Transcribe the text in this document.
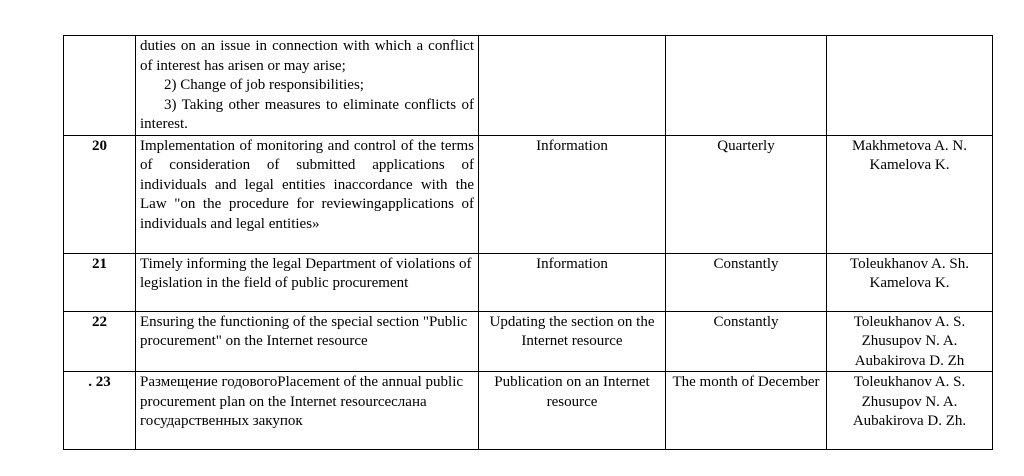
	duties on an issue in connection with which a conflict of interest has arisen or may arise;
2) Change of job responsibilities;
3) Taking other measures to eliminate conflicts of interest.			

20	Implementation of monitoring and control of the terms of consideration of submitted applications of individuals and legal entities inaccordance with the Law "on the procedure for reviewingapplications of individuals and legal entities»	Information	Quarterly	Makhmetova A. N.
Kamelova K.

21	Timely informing the legal Department of violations of legislation in the field of public procurement	Information	Constantly	Toleukhanov A. Sh.
Kamelova K.

22	Ensuring the functioning of the special section "Public procurement" on the Internet resource	Updating the section on the Internet resource	Constantly	Toleukhanov A. S.
Zhusupov N. A.
Aubakirova D. Zh

. 23	Размещение годовогоPlacement of the annual public procurement plan on the Internet resourceслана государственных закупок	Publication on an Internet resource	The month of December	Toleukhanov A. S.
Zhusupov N. A.
Aubakirova D. Zh.
